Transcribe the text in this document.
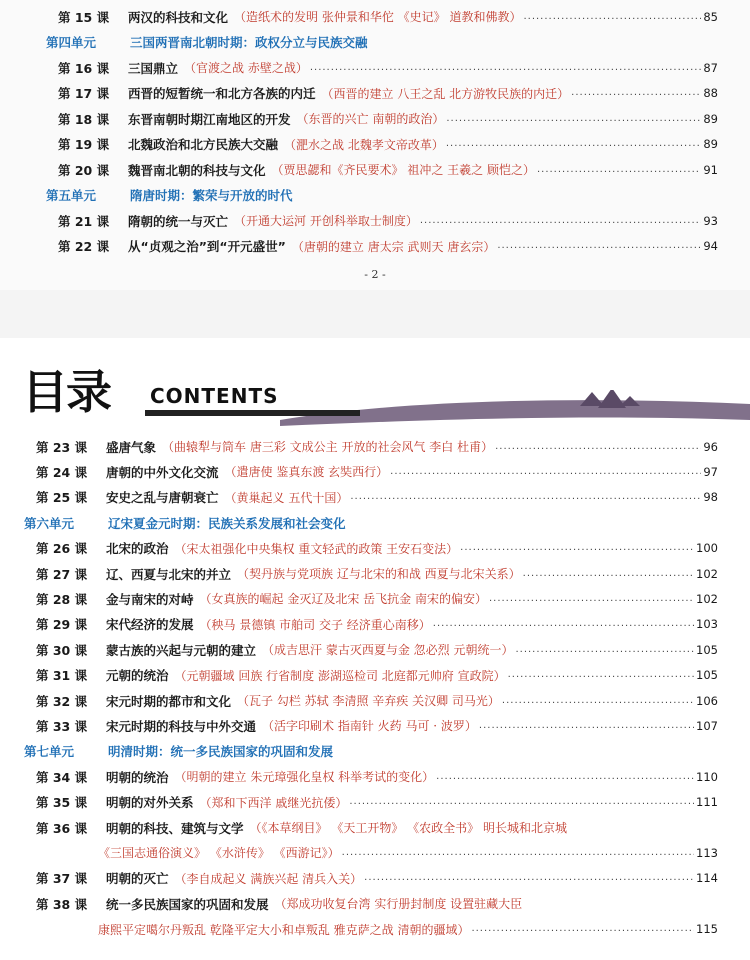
第 15 课	两汉的科技和文化 （造纸术的发明 张仲景和华佗 《史记》 道教和佛教） .....	85
第四单元	三国两晋南北朝时期：政权分立与民族交融
第 16 课	三国鼎立 （官渡之战 赤壁之战） .....	87
第 17 课	西晋的短暂统一和北方各族的内迁 （西晋的建立 八王之乱 北方游牧民族的内迁） .....	88
第 18 课	东晋南朝时期江南地区的开发 （东晋的兴亡 南朝的政治） .....	89
第 19 课	北魏政治和北方民族大交融 （淝水之战 北魏孝文帝改革） .....	89
第 20 课	魏晋南北朝的科技与文化 （贾思勰和《齐民要术》 祖冲之 王羲之 顾恺之） .....	91
第五单元	隋唐时期：繁荣与开放的时代
第 21 课	隋朝的统一与灭亡 （开通大运河 开创科举取士制度） .....	93
第 22 课	从“贞观之治”到“开元盛世” （唐朝的建立 唐太宗 武则天 唐玄宗） .....	94
- 2 -
目录 CONTENTS
第 23 课	盛唐气象 （曲辕犁与筒车 唐三彩 文成公主 开放的社会风气 李白 杜甫） .....	96
第 24 课	唐朝的中外文化交流 （遣唐使 鉴真东渡 玄奘西行） .....	97
第 25 课	安史之乱与唐朝衰亡 （黄巢起义 五代十国） .....	98
第六单元	辽宋夏金元时期：民族关系发展和社会变化
第 26 课	北宋的政治 （宋太祖强化中央集权 重文轻武的政策 王安石变法） .....	100
第 27 课	辽、西夏与北宋的并立 （契丹族与党项族 辽与北宋的和战 西夏与北宋关系） .....	102
第 28 课	金与南宋的对峙 （女真族的崛起 金灭辽及北宋 岳飞抗金 南宋的偏安） .....	102
第 29 课	宋代经济的发展 （秧马 景德镇 市舶司 交子 经济重心南移） .....	103
第 30 课	蒙古族的兴起与元朝的建立 （成吉思汗 蒙古灭西夏与金 忽必烈 元朝统一） .....	105
第 31 课	元朝的统治 （元朝疆域 回族 行省制度 澎湖巡检司 北庭都元帅府 宣政院） .....	105
第 32 课	宋元时期的都市和文化 （瓦子 勾栏 苏轼 李清照 辛弃疾 关汉卿 司马光） .....	106
第 33 课	宋元时期的科技与中外交通 （活字印刷术 指南针 火药 马可 · 波罗） .....	107
第七单元	明清时期：统一多民族国家的巩固和发展
第 34 课	明朝的统治 （明朝的建立 朱元璋强化皇权 科举考试的变化） .....	110
第 35 课	明朝的对外关系 （郑和下西洋 戚继光抗倭） .....	111
第 36 课	明朝的科技、建筑与文学 （《本草纲目》 《天工开物》 《农政全书》 明长城和北京城
《三国志通俗演义》 《水浒传》 《西游记》） .....	113
第 37 课	明朝的灭亡 （李自成起义 满族兴起 清兵入关） .....	114
第 38 课	统一多民族国家的巩固和发展 （郑成功收复台湾 实行册封制度 设置驻藏大臣
康熙平定噶尔丹叛乱 乾隆平定大小和卓叛乱 雅克萨之战 清朝的疆域） .....	115
